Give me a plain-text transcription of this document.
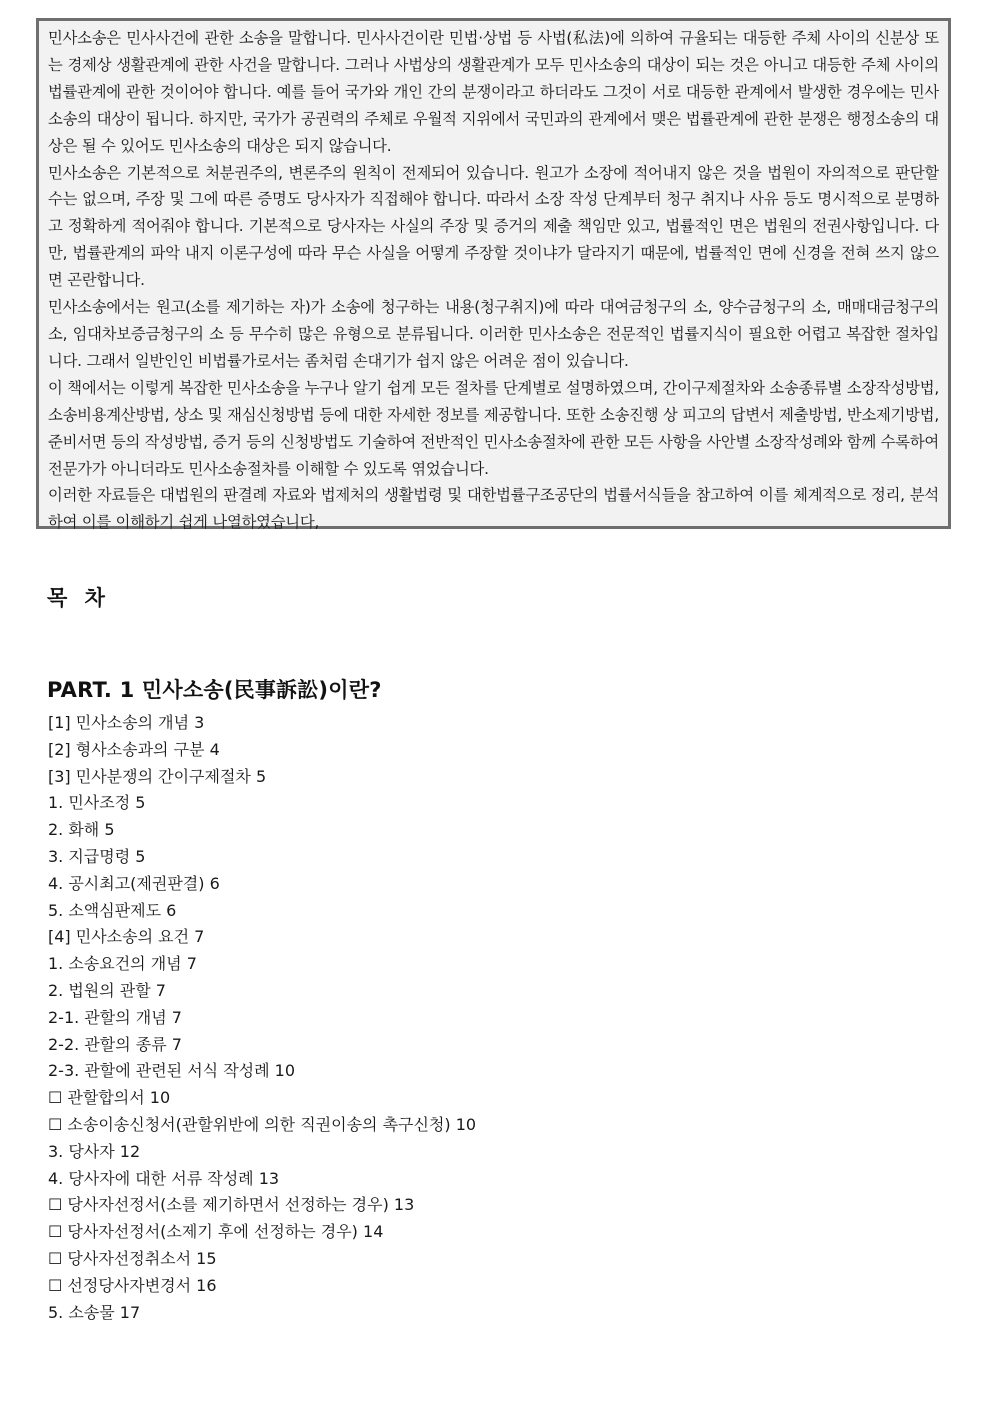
민사소송은 민사사건에 관한 소송을 말합니다. 민사사건이란 민법·상법 등 사법(私法)에 의하여 규율되는 대등한 주체 사이의 신분상 또는 경제상 생활관계에 관한 사건을 말합니다. 그러나 사법상의 생활관계가 모두 민사소송의 대상이 되는 것은 아니고 대등한 주체 사이의 법률관계에 관한 것이어야 합니다. 예를 들어 국가와 개인 간의 분쟁이라고 하더라도 그것이 서로 대등한 관계에서 발생한 경우에는 민사소송의 대상이 됩니다. 하지만, 국가가 공권력의 주체로 우월적 지위에서 국민과의 관계에서 맺은 법률관계에 관한 분쟁은 행정소송의 대상은 될 수 있어도 민사소송의 대상은 되지 않습니다.

민사소송은 기본적으로 처분권주의, 변론주의 원칙이 전제되어 있습니다. 원고가 소장에 적어내지 않은 것을 법원이 자의적으로 판단할 수는 없으며, 주장 및 그에 따른 증명도 당사자가 직접해야 합니다. 따라서 소장 작성 단계부터 청구 취지나 사유 등도 명시적으로 분명하고 정확하게 적어줘야 합니다. 기본적으로 당사자는 사실의 주장 및 증거의 제출 책임만 있고, 법률적인 면은 법원의 전권사항입니다. 다만, 법률관계의 파악 내지 이론구성에 따라 무슨 사실을 어떻게 주장할 것이냐가 달라지기 때문에, 법률적인 면에 신경을 전혀 쓰지 않으면 곤란합니다.

민사소송에서는 원고(소를 제기하는 자)가 소송에 청구하는 내용(청구취지)에 따라 대여금청구의 소, 양수금청구의 소, 매매대금청구의 소, 임대차보증금청구의 소 등 무수히 많은 유형으로 분류됩니다. 이러한 민사소송은 전문적인 법률지식이 필요한 어렵고 복잡한 절차입니다. 그래서 일반인인 비법률가로서는 좀처럼 손대기가 쉽지 않은 어려운 점이 있습니다.

이 책에서는 이렇게 복잡한 민사소송을 누구나 알기 쉽게 모든 절차를 단계별로 설명하였으며, 간이구제절차와 소송종류별 소장작성방법, 소송비용계산방법, 상소 및 재심신청방법 등에 대한 자세한 정보를 제공합니다. 또한 소송진행 상 피고의 답변서 제출방법, 반소제기방법, 준비서면 등의 작성방법, 증거 등의 신청방법도 기술하여 전반적인 민사소송절차에 관한 모든 사항을 사안별 소장작성례와 함께 수록하여 전문가가 아니더라도 민사소송절차를 이해할 수 있도록 엮었습니다.

이러한 자료들은 대법원의 판결례 자료와 법제처의 생활법령 및 대한법률구조공단의 법률서식들을 참고하여 이를 체계적으로 정리, 분석하여 이를 이해하기 쉽게 나열하였습니다,

목 차
PART. 1 민사소송(民事訴訟)이란?
[1] 민사소송의 개념 3
[2] 형사소송과의 구분 4
[3] 민사분쟁의 간이구제절차 5
1. 민사조정 5
2. 화해 5
3. 지급명령 5
4. 공시최고(제권판결) 6
5. 소액심판제도 6
[4] 민사소송의 요건 7
1. 소송요건의 개념 7
2. 법원의 관할 7
2-1. 관할의 개념 7
2-2. 관할의 종류 7
2-3. 관할에 관련된 서식 작성례 10
☐ 관할합의서 10
☐ 소송이송신청서(관할위반에 의한 직권이송의 촉구신청) 10
3. 당사자 12
4. 당사자에 대한 서류 작성례 13
☐ 당사자선정서(소를 제기하면서 선정하는 경우) 13
☐ 당사자선정서(소제기 후에 선정하는 경우) 14
☐ 당사자선정취소서 15
☐ 선정당사자변경서 16
5. 소송물 17
